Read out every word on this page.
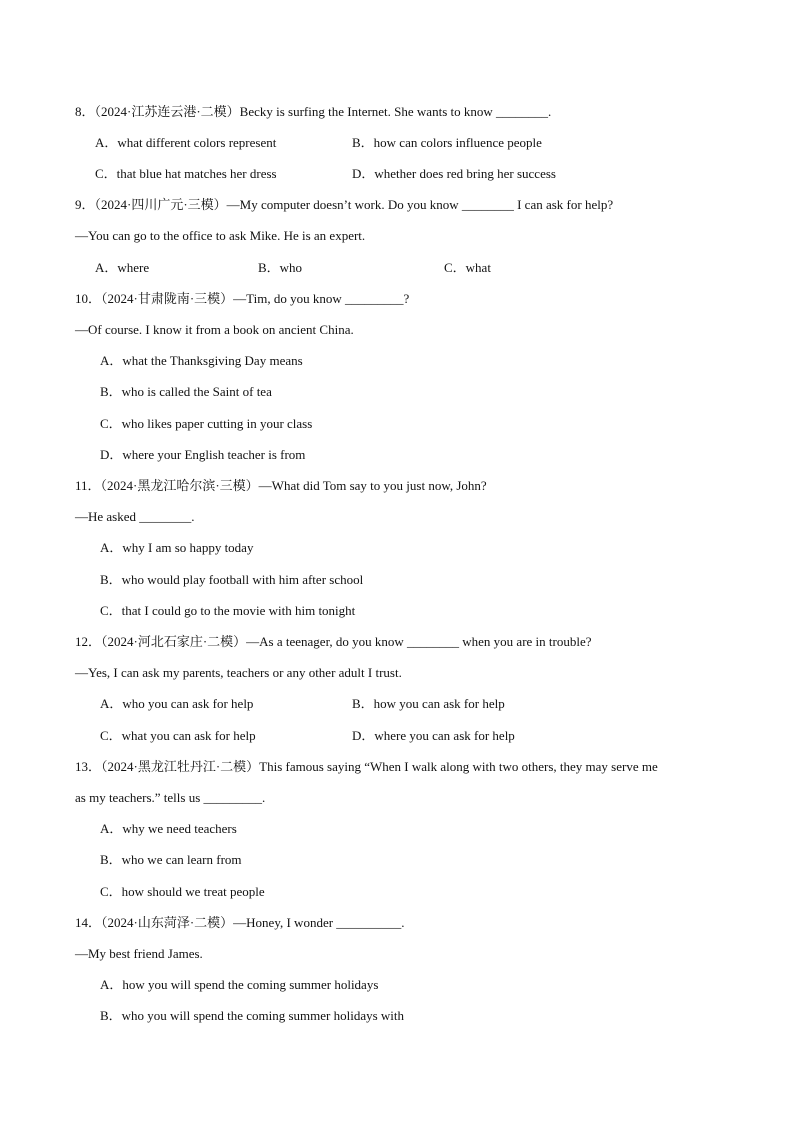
8．（2024·江苏连云港·二模）Becky is surfing the Internet. She wants to know ________.
A．what different colors represent	B．how can colors influence people
C．that blue hat matches her dress	D．whether does red bring her success
9．（2024·四川广元·三模）—My computer doesn’t work. Do you know ________ I can ask for help?
—You can go to the office to ask Mike. He is an expert.
A．where	B．who	C．what
10．（2024·甘肃陇南·三模）—Tim, do you know _________?
—Of course. I know it from a book on ancient China.
A．what the Thanksgiving Day means
B．who is called the Saint of tea
C．who likes paper cutting in your class
D．where your English teacher is from
11．（2024·黑龙江哈尔滨·三模）—What did Tom say to you just now, John?
—He asked ________.
A．why I am so happy today
B．who would play football with him after school
C．that I could go to the movie with him tonight
12．（2024·河北石家庄·二模）—As a teenager, do you know ________ when you are in trouble?
—Yes, I can ask my parents, teachers or any other adult I trust.
A．who you can ask for help	B．how you can ask for help
C．what you can ask for help	D．where you can ask for help
13．（2024·黑龙江牡丹江·二模）This famous saying “When I walk along with two others, they may serve me
as my teachers.” tells us _________.
A．why we need teachers
B．who we can learn from
C．how should we treat people
14．（2024·山东菏泽·二模）—Honey, I wonder __________.
—My best friend James.
A．how you will spend the coming summer holidays
B．who you will spend the coming summer holidays with
